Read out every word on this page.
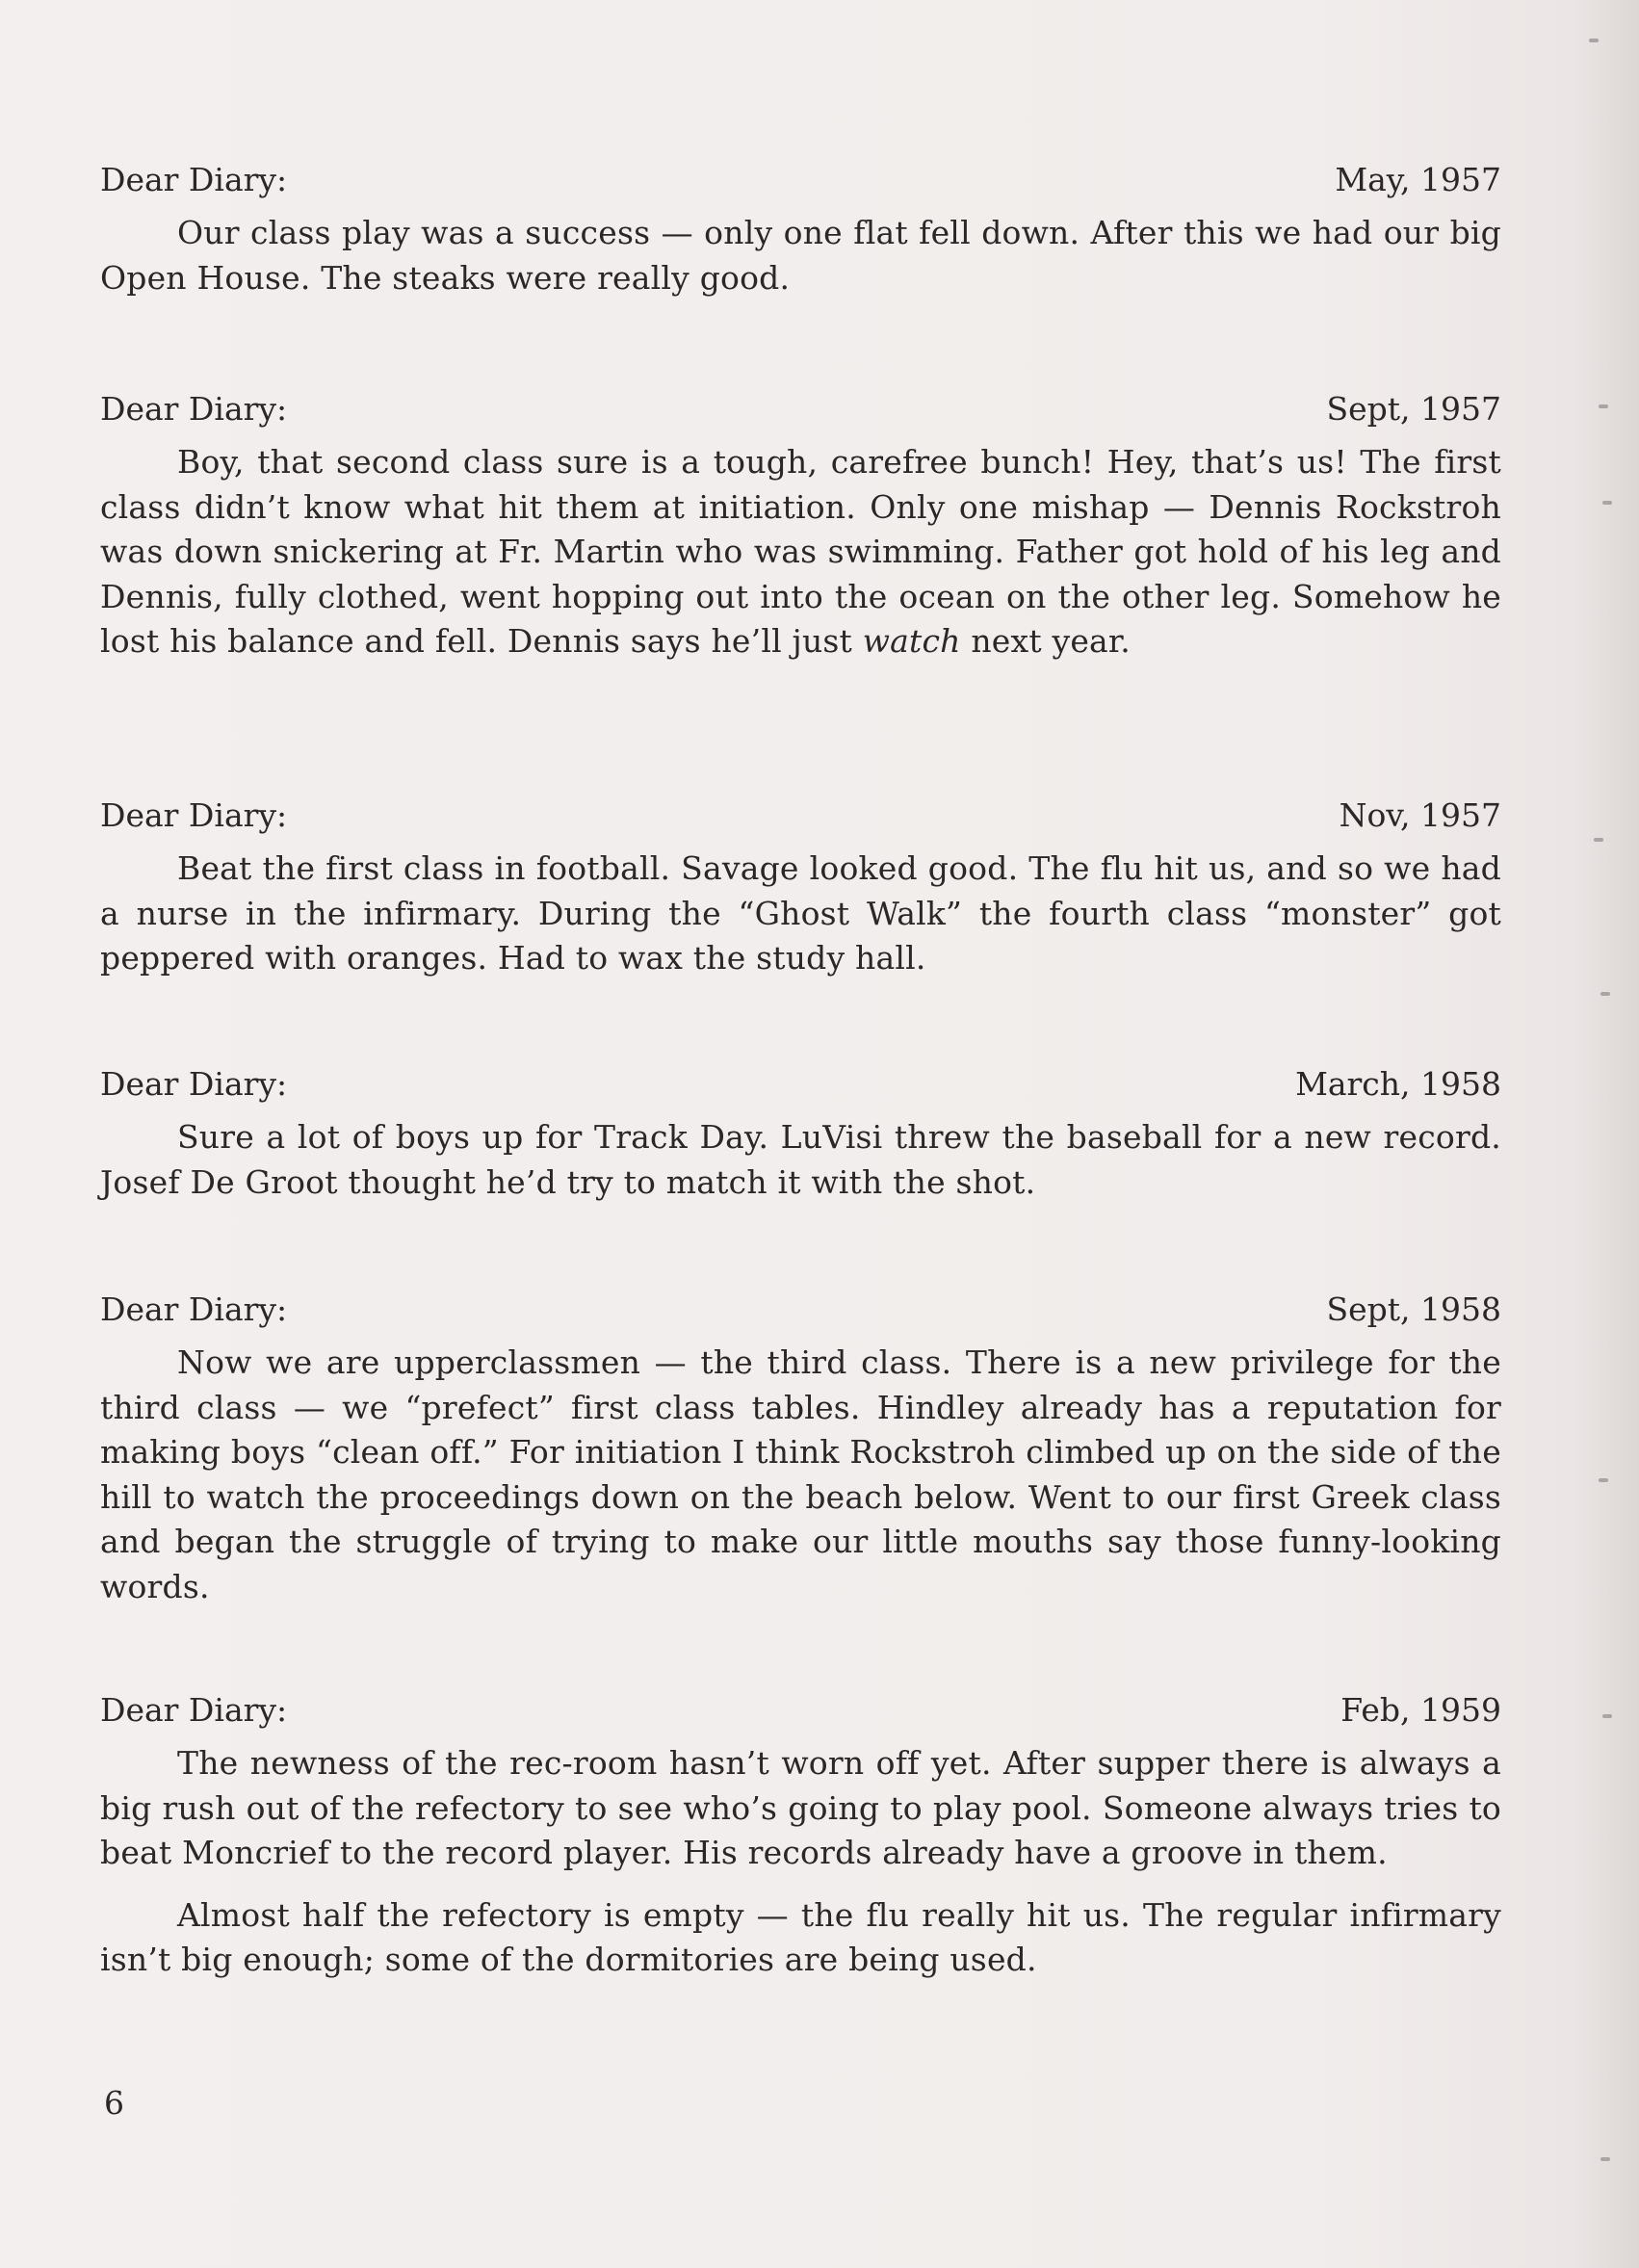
Dear Diary:	May, 1957

Our class play was a success — only one flat fell down. After this we had our big Open House. The steaks were really good.

Dear Diary:	Sept, 1957

Boy, that second class sure is a tough, carefree bunch! Hey, that’s us! The first class didn’t know what hit them at initiation. Only one mishap — Dennis Rockstroh was down snickering at Fr. Martin who was swimming. Father got hold of his leg and Dennis, fully clothed, went hopping out into the ocean on the other leg. Somehow he lost his balance and fell. Dennis says he’ll just watch next year.

Dear Diary:	Nov, 1957

Beat the first class in football. Savage looked good. The flu hit us, and so we had a nurse in the infirmary. During the “Ghost Walk” the fourth class “monster” got peppered with oranges. Had to wax the study hall.

Dear Diary:	March, 1958

Sure a lot of boys up for Track Day. LuVisi threw the baseball for a new record. Josef De Groot thought he’d try to match it with the shot.

Dear Diary:	Sept, 1958

Now we are upperclassmen — the third class. There is a new privilege for the third class — we “prefect” first class tables. Hindley already has a reputation for making boys “clean off.” For initiation I think Rockstroh climbed up on the side of the hill to watch the proceedings down on the beach below. Went to our first Greek class and began the struggle of trying to make our little mouths say those funny-looking words.

Dear Diary:	Feb, 1959

The newness of the rec-room hasn’t worn off yet. After supper there is always a big rush out of the refectory to see who’s going to play pool. Someone always tries to beat Moncrief to the record player. His records already have a groove in them.

Almost half the refectory is empty — the flu really hit us. The regular infirmary isn’t big enough; some of the dormitories are being used.

6
